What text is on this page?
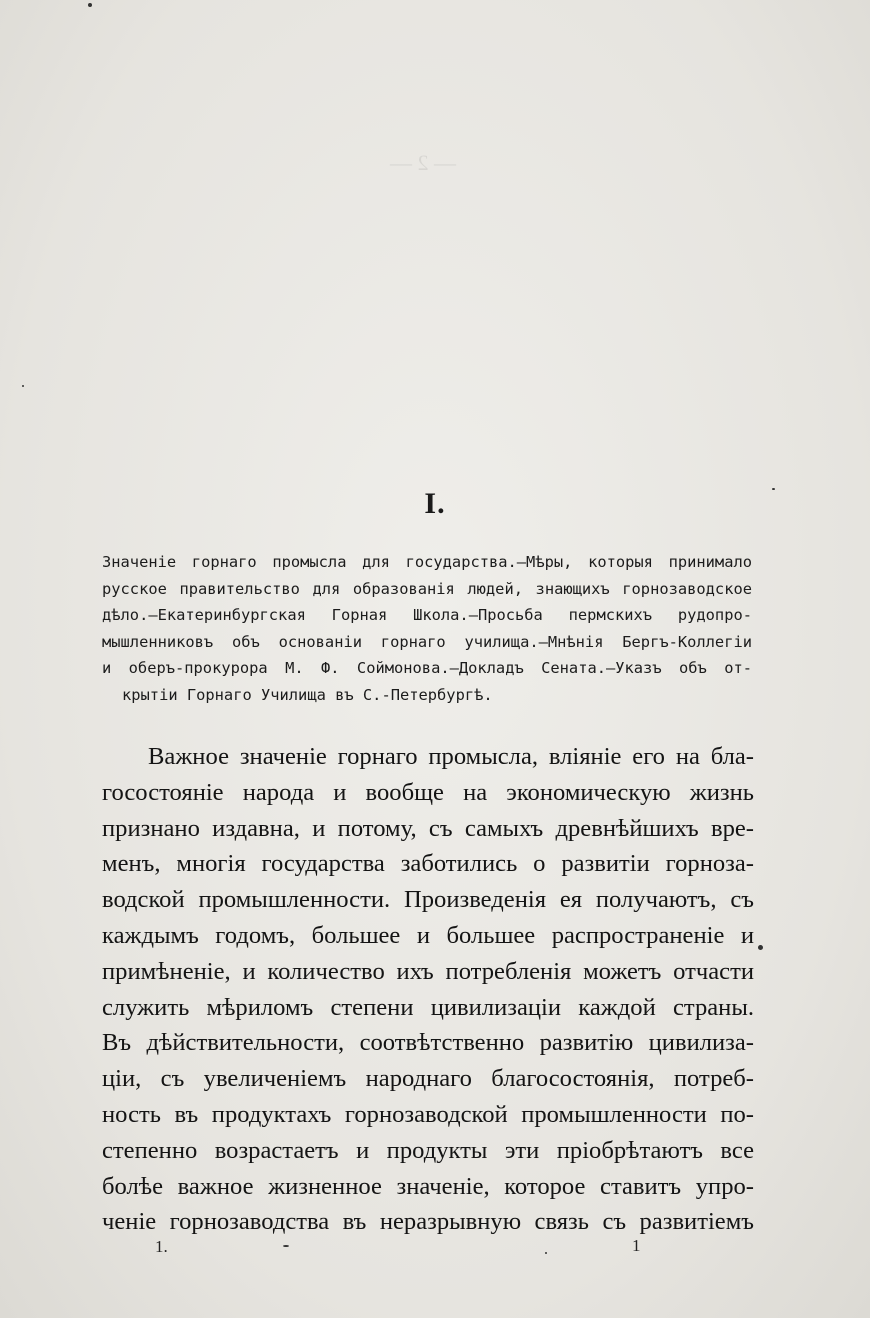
— 2 —

I.
Значеніе горнаго промысла для государства.—Мѣры, которыя принимало
русское правительство для образованія людей, знающихъ горнозаводское
дѣло.—Екатеринбургская Горная Школа.—Просьба пермскихъ рудопро-
мышленниковъ объ основаніи горнаго училища.—Мнѣнія Бергъ-Коллегіи
и оберъ-прокурора М. Ф. Соймонова.—Докладъ Сената.—Указъ объ от-
крытіи Горнаго Училища въ С.-Петербургѣ.
Важное значеніе горнаго промысла, вліяніе его на бла-
госостояніе народа и вообще на экономическую жизнь
признано издавна, и потому, съ самыхъ древнѣйшихъ вре-
менъ, многія государства заботились о развитіи горноза-
водской промышленности. Произведенія ея получаютъ, съ
каждымъ годомъ, большее и большее распространеніе и
примѣненіе, и количество ихъ потребленія можетъ отчасти
служить мѣриломъ степени цивилизаціи каждой страны.
Въ дѣйствительности, соотвѣтственно развитію цивилиза-
ціи, съ увеличеніемъ народнаго благосостоянія, потреб-
ность въ продуктахъ горнозаводской промышленности по-
степенно возрастаетъ и продукты эти пріобрѣтаютъ все
болѣе важное жизненное значеніе, которое ставитъ упро-
ченіе горнозаводства въ неразрывную связь съ развитіемъ
1.	1
